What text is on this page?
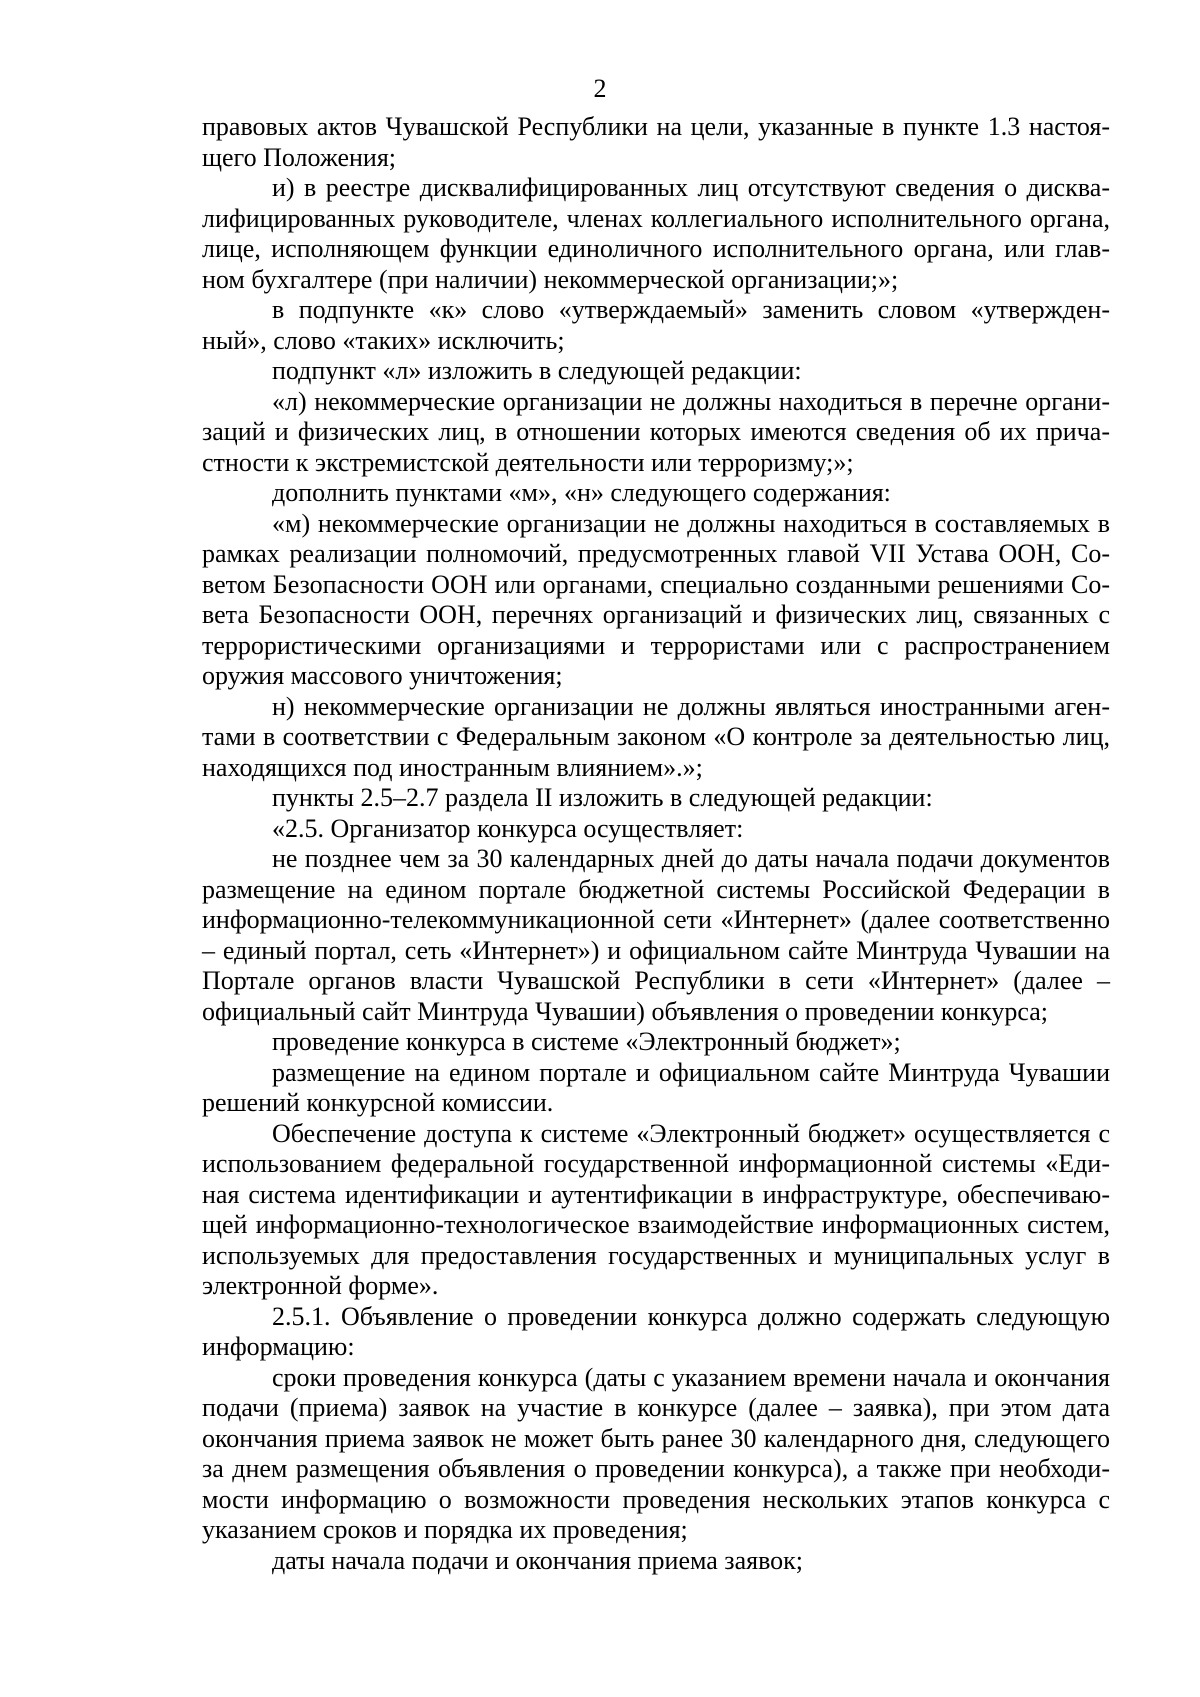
2

правовых актов Чувашской Республики на цели, указанные в пункте 1.3 настоящего Положения;

и) в реестре дисквалифицированных лиц отсутствуют сведения о дисквалифицированных руководителе, членах коллегиального исполнительного органа, лице, исполняющем функции единоличного исполнительного органа, или главном бухгалтере (при наличии) некоммерческой организации;»;

в подпункте «к» слово «утверждаемый» заменить словом «утвержденный», слово «таких» исключить;

подпункт «л» изложить в следующей редакции:

«л) некоммерческие организации не должны находиться в перечне организаций и физических лиц, в отношении которых имеются сведения об их причастности к экстремистской деятельности или терроризму;»;

дополнить пунктами «м», «н» следующего содержания:

«м) некоммерческие организации не должны находиться в составляемых в рамках реализации полномочий, предусмотренных главой VII Устава ООН, Советом Безопасности ООН или органами, специально созданными решениями Совета Безопасности ООН, перечнях организаций и физических лиц, связанных с террористическими организациями и террористами или с распространением оружия массового уничтожения;

н) некоммерческие организации не должны являться иностранными агентами в соответствии с Федеральным законом «О контроле за деятельностью лиц, находящихся под иностранным влиянием».»;

пункты 2.5–2.7 раздела II изложить в следующей редакции:

«2.5. Организатор конкурса осуществляет:

не позднее чем за 30 календарных дней до даты начала подачи документов размещение на едином портале бюджетной системы Российской Федерации в информационно-телекоммуникационной сети «Интернет» (далее соответственно – единый портал, сеть «Интернет») и официальном сайте Минтруда Чувашии на Портале органов власти Чувашской Республики в сети «Интернет» (далее – официальный сайт Минтруда Чувашии) объявления о проведении конкурса;

проведение конкурса в системе «Электронный бюджет»;

размещение на едином портале и официальном сайте Минтруда Чувашии решений конкурсной комиссии.

Обеспечение доступа к системе «Электронный бюджет» осуществляется с использованием федеральной государственной информационной системы «Единая система идентификации и аутентификации в инфраструктуре, обеспечивающей информационно-технологическое взаимодействие информационных систем, используемых для предоставления государственных и муниципальных услуг в электронной форме».

2.5.1. Объявление о проведении конкурса должно содержать следующую информацию:

сроки проведения конкурса (даты с указанием времени начала и окончания подачи (приема) заявок на участие в конкурсе (далее – заявка), при этом дата окончания приема заявок не может быть ранее 30 календарного дня, следующего за днем размещения объявления о проведении конкурса), а также при необходимости информацию о возможности проведения нескольких этапов конкурса с указанием сроков и порядка их проведения;

даты начала подачи и окончания приема заявок;
